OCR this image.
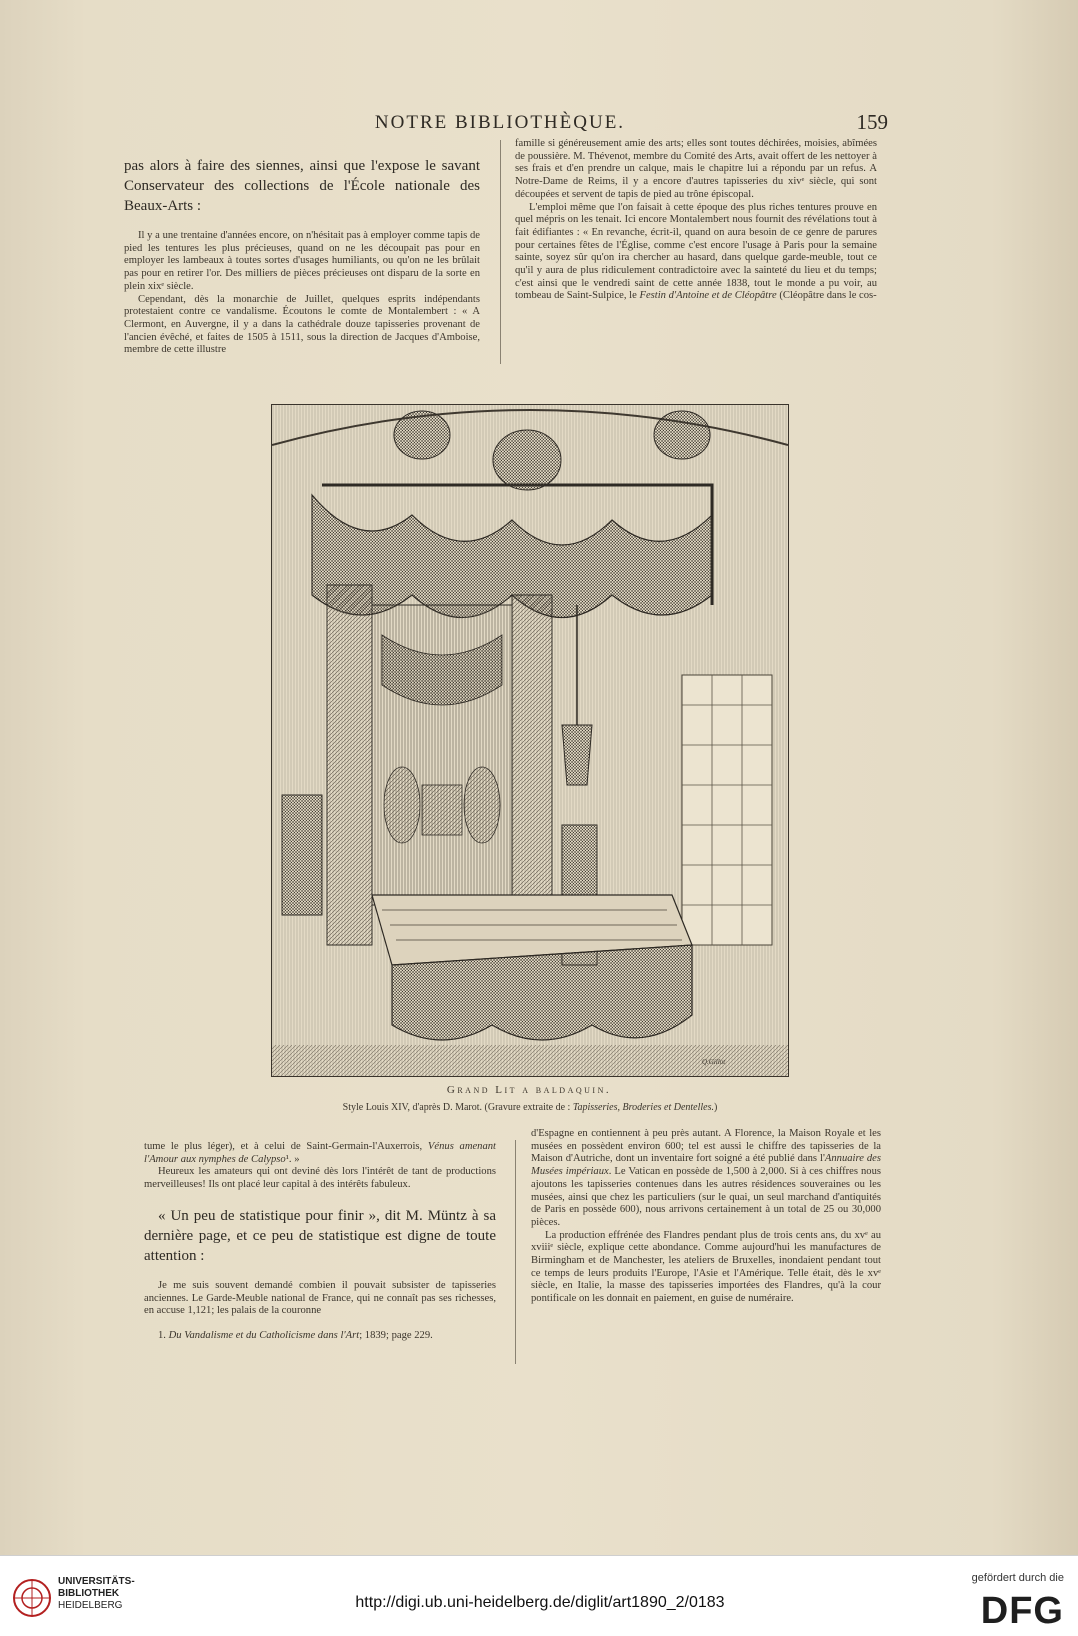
NOTRE BIBLIOTHÈQUE.	159

pas alors à faire des siennes, ainsi que l'expose le savant Conservateur des collections de l'École nationale des Beaux-Arts :

Il y a une trentaine d'années encore, on n'hésitait pas à employer comme tapis de pied les tentures les plus précieuses, quand on ne les découpait pas pour en employer les lambeaux à toutes sortes d'usages humiliants, ou qu'on ne les brûlait pas pour en retirer l'or. Des milliers de pièces précieuses ont disparu de la sorte en plein xixᵉ siècle.

Cependant, dès la monarchie de Juillet, quelques esprits indépendants protestaient contre ce vandalisme. Écoutons le comte de Montalembert : « A Clermont, en Auvergne, il y a dans la cathédrale douze tapisseries provenant de l'ancien évêché, et faites de 1505 à 1511, sous la direction de Jacques d'Amboise, membre de cette illustre

famille si généreusement amie des arts; elles sont toutes déchirées, moisies, abîmées de poussière. M. Thévenot, membre du Comité des Arts, avait offert de les nettoyer à ses frais et d'en prendre un calque, mais le chapitre lui a répondu par un refus. A Notre-Dame de Reims, il y a encore d'autres tapisseries du xivᵉ siècle, qui sont découpées et servent de tapis de pied au trône épiscopal.

L'emploi même que l'on faisait à cette époque des plus riches tentures prouve en quel mépris on les tenait. Ici encore Montalembert nous fournit des révélations tout à fait édifiantes : « En revanche, écrit-il, quand on aura besoin de ce genre de parures pour certaines fêtes de l'Église, comme c'est encore l'usage à Paris pour la semaine sainte, soyez sûr qu'on ira chercher au hasard, dans quelque garde-meuble, tout ce qu'il y aura de plus ridiculement contradictoire avec la sainteté du lieu et du temps; c'est ainsi que le vendredi saint de cette année 1838, tout le monde a pu voir, au tombeau de Saint-Sulpice, le Festin d'Antoine et de Cléopâtre (Cléopâtre dans le cos-

Q.Gillot
Grand Lit a baldaquin.
Style Louis XIV, d'après D. Marot. (Gravure extraite de : Tapisseries, Broderies et Dentelles.)

tume le plus léger), et à celui de Saint-Germain-l'Auxerrois, Vénus amenant l'Amour aux nymphes de Calypso¹. »

Heureux les amateurs qui ont deviné dès lors l'intérêt de tant de productions merveilleuses! Ils ont placé leur capital à des intérêts fabuleux.

« Un peu de statistique pour finir », dit M. Müntz à sa dernière page, et ce peu de statistique est digne de toute attention :

Je me suis souvent demandé combien il pouvait subsister de tapisseries anciennes. Le Garde-Meuble national de France, qui ne connaît pas ses richesses, en accuse 1,121; les palais de la couronne

1. Du Vandalisme et du Catholicisme dans l'Art; 1839; page 229.

d'Espagne en contiennent à peu près autant. A Florence, la Maison Royale et les musées en possèdent environ 600; tel est aussi le chiffre des tapisseries de la Maison d'Autriche, dont un inventaire fort soigné a été publié dans l'Annuaire des Musées impériaux. Le Vatican en possède de 1,500 à 2,000. Si à ces chiffres nous ajoutons les tapisseries contenues dans les autres résidences souveraines ou les musées, ainsi que chez les particuliers (sur le quai, un seul marchand d'antiquités de Paris en possède 600), nous arrivons certainement à un total de 25 ou 30,000 pièces.

La production effrénée des Flandres pendant plus de trois cents ans, du xvᵉ au xviiiᵉ siècle, explique cette abondance. Comme aujourd'hui les manufactures de Birmingham et de Manchester, les ateliers de Bruxelles, inondaient pendant tout ce temps de leurs produits l'Europe, l'Asie et l'Amérique. Telle était, dès le xvᵉ siècle, en Italie, la masse des tapisseries importées des Flandres, qu'à la cour pontificale on les donnait en paiement, en guise de numéraire.

UNIVERSITÄTS-
BIBLIOTHEK
HEIDELBERG	http://digi.ub.uni-heidelberg.de/diglit/art1890_2/0183
gefördert durch die
DFG
